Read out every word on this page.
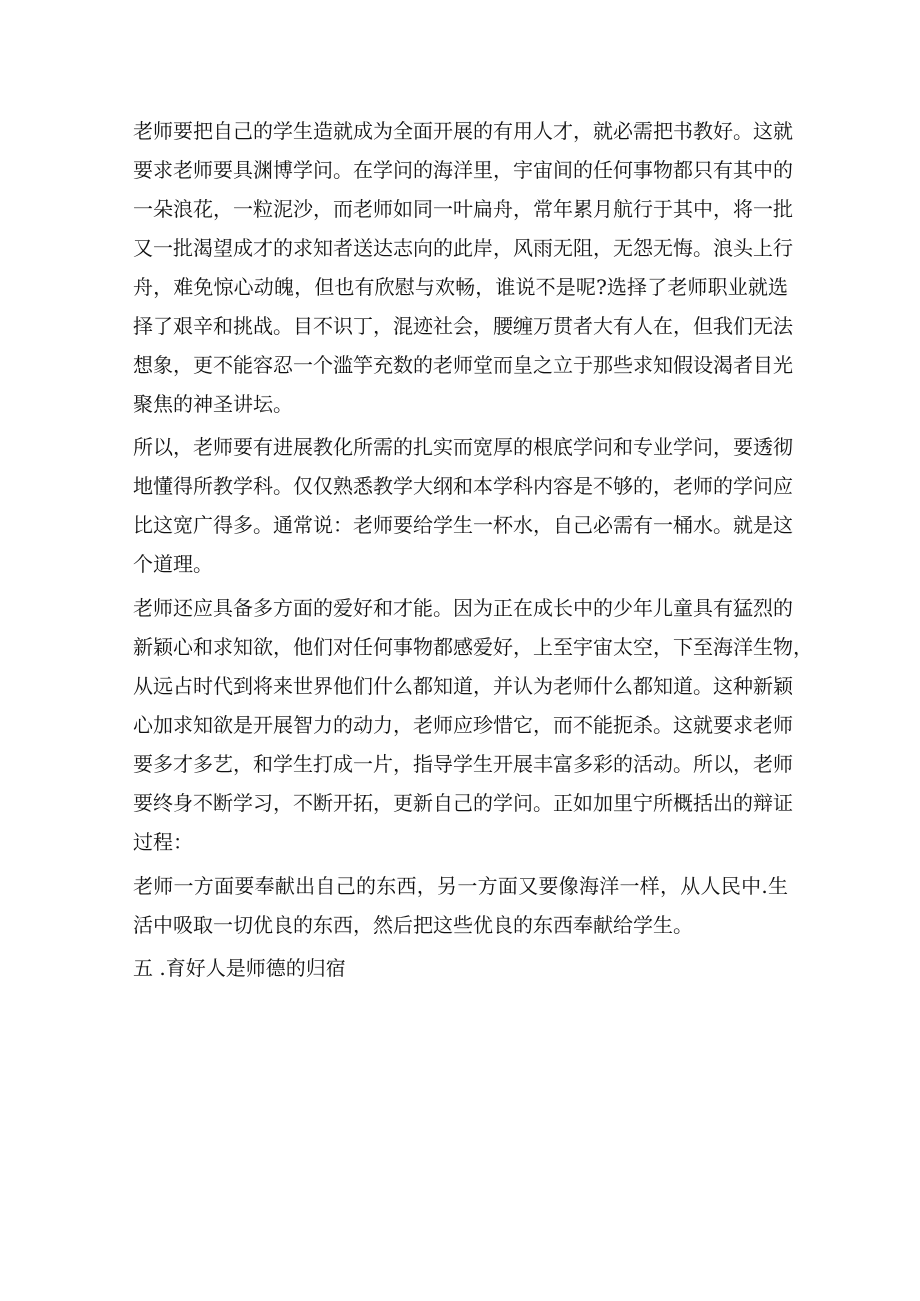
老师要把自己的学生造就成为全面开展的有用人才，就必需把书教好。这就
要求老师要具渊博学问。在学问的海洋里，宇宙间的任何事物都只有其中的
一朵浪花，一粒泥沙，而老师如同一叶扁舟，常年累月航行于其中，将一批
又一批渴望成才的求知者送达志向的此岸，风雨无阻，无怨无悔。浪头上行
舟，难免惊心动魄，但也有欣慰与欢畅，谁说不是呢?选择了老师职业就选
择了艰辛和挑战。目不识丁，混迹社会，腰缠万贯者大有人在，但我们无法
想象，更不能容忍一个滥竽充数的老师堂而皇之立于那些求知假设渴者目光
聚焦的神圣讲坛。
所以，老师要有进展教化所需的扎实而宽厚的根底学问和专业学问，要透彻
地懂得所教学科。仅仅熟悉教学大纲和本学科内容是不够的，老师的学问应
比这宽广得多。通常说：老师要给学生一杯水，自己必需有一桶水。就是这
个道理。
老师还应具备多方面的爱好和才能。因为正在成长中的少年儿童具有猛烈的
新颖心和求知欲，他们对任何事物都感爱好，上至宇宙太空，下至海洋生物，
从远占时代到将来世界他们什么都知道，并认为老师什么都知道。这种新颖
心加求知欲是开展智力的动力，老师应珍惜它，而不能扼杀。这就要求老师
要多才多艺，和学生打成一片，指导学生开展丰富多彩的活动。所以，老师
要终身不断学习，不断开拓，更新自己的学问。正如加里宁所概括出的辩证
过程：
老师一方面要奉献出自己的东西，另一方面又要像海洋一样，从人民中.生
活中吸取一切优良的东西，然后把这些优良的东西奉献给学生。
五 .育好人是师德的归宿
